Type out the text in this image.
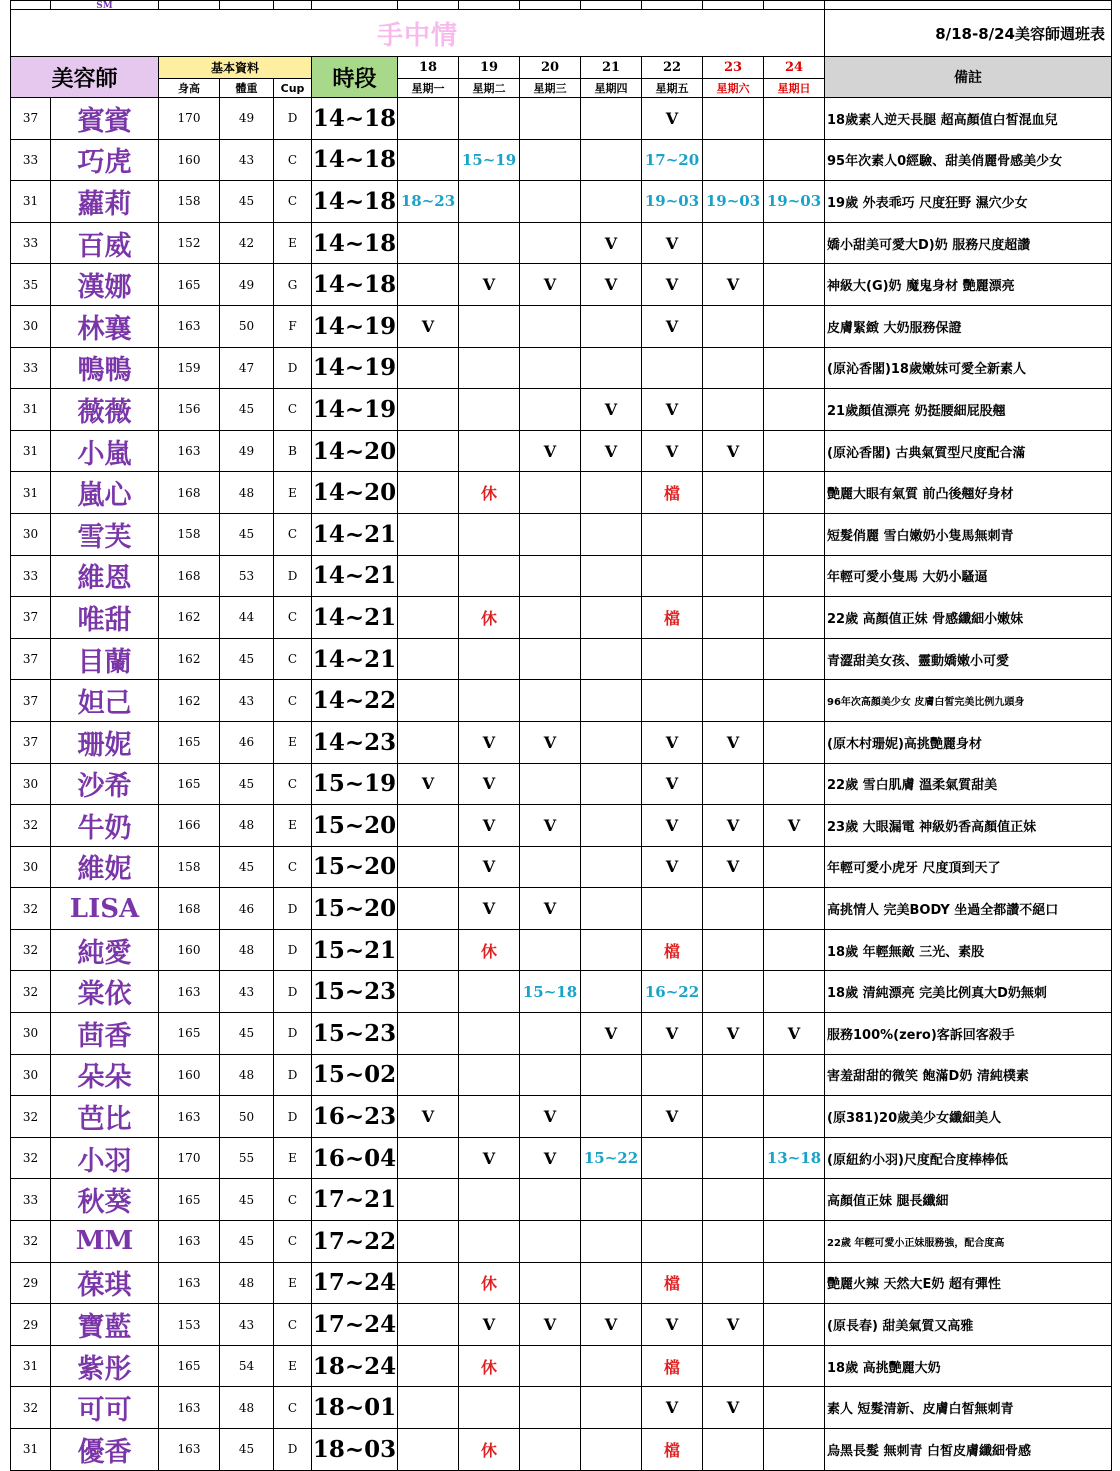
	SM												
手中情	8/18-8/24美容師週班表
美容師	基本資料			時段	18	19	20	21	22	23	24	備註
	身高	體重	Cup		星期一	星期二	星期三	星期四	星期五	星期六	星期日	
37	賓賓	170	49	D	14~18					V			18歲素人逆天長腿 超高顏值白皙混血兒
33	巧虎	160	43	C	14~18		15~19			17~20			95年次素人0經驗、甜美俏麗骨感美少女
31	蘿莉	158	45	C	14~18	18~23				19~03	19~03	19~03	19歲 外表乖巧 尺度狂野 濕穴少女
33	百威	152	42	E	14~18				V	V			嬌小甜美可愛大D)奶 服務尺度超讚
35	漢娜	165	49	G	14~18		V	V	V	V	V		神級大(G)奶 魔鬼身材 艷麗漂亮
30	林襄	163	50	F	14~19	V				V			皮膚緊緻 大奶服務保證
33	鴨鴨	159	47	D	14~19								(原沁香閣)18歲嫩妹可愛全新素人
31	薇薇	156	45	C	14~19				V	V			21歲顏值漂亮 奶挺腰細屁股翹
31	小嵐	163	49	B	14~20			V	V	V	V		(原沁香閣) 古典氣質型尺度配合滿
31	嵐心	168	48	E	14~20		休			檔			艷麗大眼有氣質 前凸後翹好身材
30	雪芙	158	45	C	14~21								短髮俏麗 雪白嫩奶小隻馬無刺青
33	維恩	168	53	D	14~21								年輕可愛小隻馬 大奶小騷逼
37	唯甜	162	44	C	14~21		休			檔			22歲 高顏值正妹 骨感纖細小嫩妹
37	目蘭	162	45	C	14~21								青澀甜美女孩、靈動嬌嫩小可愛
37	妲己	162	43	C	14~22								96年次高顏美少女 皮膚白皙完美比例九頭身
37	珊妮	165	46	E	14~23		V	V		V	V		(原木村珊妮)高挑艷麗身材
30	沙希	165	45	C	15~19	V	V			V			22歲 雪白肌膚 溫柔氣質甜美
32	牛奶	166	48	E	15~20		V	V		V	V	V	23歲 大眼漏電 神級奶香高顏值正妹
30	維妮	158	45	C	15~20		V			V	V		年輕可愛小虎牙 尺度頂到天了
32	LISA	168	46	D	15~20		V	V					高挑情人 完美BODY 坐過全都讚不絕口
32	純愛	160	48	D	15~21		休			檔			18歲 年輕無敵 三光、素股
32	棠依	163	43	D	15~23			15~18		16~22			18歲 清純漂亮 完美比例真大D奶無刺
30	茴香	165	45	D	15~23				V	V	V	V	服務100%(zero)客訴回客殺手
30	朵朵	160	48	D	15~02								害羞甜甜的微笑 飽滿D奶 清純樸素
32	芭比	163	50	D	16~23	V		V		V			(原381)20歲美少女纖細美人
32	小羽	170	55	E	16~04		V	V	15~22			13~18	(原紐約小羽)尺度配合度棒棒低
33	秋葵	165	45	C	17~21								高顏值正妹 腿長纖細
32	MM	163	45	C	17~22								22歲 年輕可愛小正妹服務強，配合度高
29	葆琪	163	48	E	17~24		休			檔			艷麗火辣 天然大E奶 超有彈性
29	寶藍	153	43	C	17~24		V	V	V	V	V		(原長春) 甜美氣質又高雅
31	紫彤	165	54	E	18~24		休			檔			18歲 高挑艷麗大奶
32	可可	163	48	C	18~01					V	V		素人 短髮清新、皮膚白皙無刺青
31	優香	163	45	D	18~03		休			檔			烏黑長髮 無刺青 白皙皮膚纖細骨感
